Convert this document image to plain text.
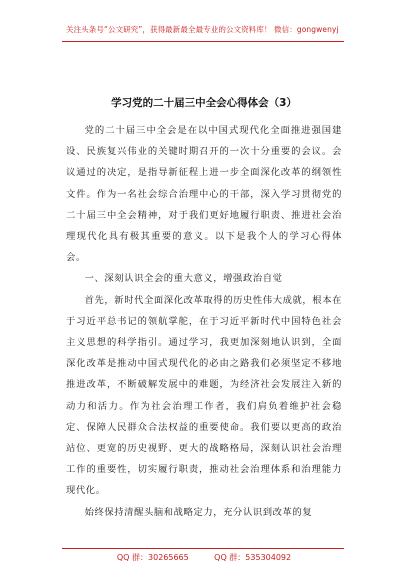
关注头条号“公文研究”，获得最新最全最专业的公文资料库！ 微信：gongwenyj
学习党的二十届三中全会心得体会（3）

党的二十届三中全会是在以中国式现代化全面推进强国建设、民族复兴伟业的关键时期召开的一次十分重要的会议。会议通过的决定，是指导新征程上进一步全面深化改革的纲领性文件。作为一名社会综合治理中心的干部，深入学习贯彻党的二十届三中全会精神，对于我们更好地履行职责、推进社会治理现代化具有极其重要的意义。以下是我个人的学习心得体会。

一、深刻认识全会的重大意义，增强政治自觉

首先，新时代全面深化改革取得的历史性伟大成就，根本在于习近平总书记的领航掌舵，在于习近平新时代中国特色社会主义思想的科学指引。通过学习，我更加深刻地认识到，全面深化改革是推动中国式现代化的必由之路我们必须坚定不移地推进改革，不断破解发展中的难题，为经济社会发展注入新的动力和活力。作为社会治理工作者，我们肩负着维护社会稳定、保障人民群众合法权益的重要使命。我们要以更高的政治站位、更宽的历史视野、更大的战略格局，深刻认识社会治理工作的重要性，切实履行职责，推动社会治理体系和治理能力现代化。

始终保持清醒头脑和战略定力，充分认识到改革的复

QQ 群：30265665          QQ 群：535304092
